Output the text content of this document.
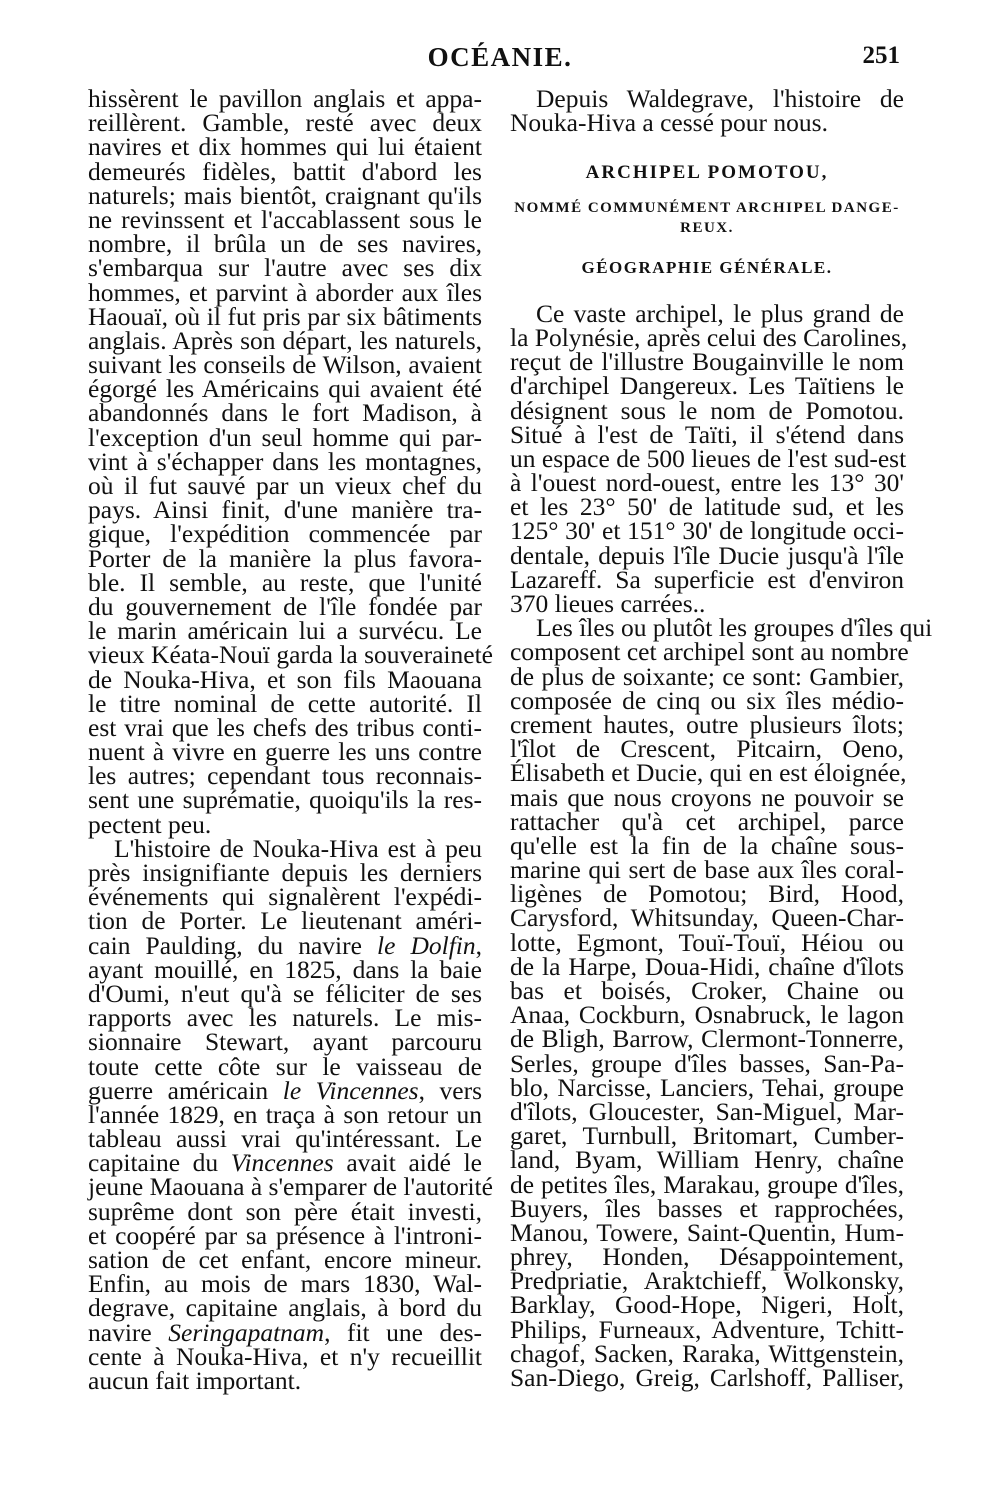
OCÉANIE.	251
hissèrent le pavillon anglais et appa-
reillèrent. Gamble, resté avec deux
navires et dix hommes qui lui étaient
demeurés fidèles, battit d'abord les
naturels; mais bientôt, craignant qu'ils
ne revinssent et l'accablassent sous le
nombre, il brûla un de ses navires,
s'embarqua sur l'autre avec ses dix
hommes, et parvint à aborder aux îles
Haouaï, où il fut pris par six bâtiments
anglais. Après son départ, les naturels,
suivant les conseils de Wilson, avaient
égorgé les Américains qui avaient été
abandonnés dans le fort Madison, à
l'exception d'un seul homme qui par-
vint à s'échapper dans les montagnes,
où il fut sauvé par un vieux chef du
pays. Ainsi finit, d'une manière tra-
gique, l'expédition commencée par
Porter de la manière la plus favora-
ble. Il semble, au reste, que l'unité
du gouvernement de l'île fondée par
le marin américain lui a survécu. Le
vieux Kéata-Nouï garda la souveraineté
de Nouka-Hiva, et son fils Maouana
le titre nominal de cette autorité. Il
est vrai que les chefs des tribus conti-
nuent à vivre en guerre les uns contre
les autres; cependant tous reconnais-
sent une suprématie, quoiqu'ils la res-
pectent peu.
L'histoire de Nouka-Hiva est à peu
près insignifiante depuis les derniers
événements qui signalèrent l'expédi-
tion de Porter. Le lieutenant améri-
cain Paulding, du navire le Dolfin,
ayant mouillé, en 1825, dans la baie
d'Oumi, n'eut qu'à se féliciter de ses
rapports avec les naturels. Le mis-
sionnaire Stewart, ayant parcouru
toute cette côte sur le vaisseau de
guerre américain le Vincennes, vers
l'année 1829, en traça à son retour un
tableau aussi vrai qu'intéressant. Le
capitaine du Vincennes avait aidé le
jeune Maouana à s'emparer de l'autorité
suprême dont son père était investi,
et coopéré par sa présence à l'introni-
sation de cet enfant, encore mineur.
Enfin, au mois de mars 1830, Wal-
degrave, capitaine anglais, à bord du
navire Seringapatnam, fit une des-
cente à Nouka-Hiva, et n'y recueillit
aucun fait important.
Depuis Waldegrave, l'histoire de
Nouka-Hiva a cessé pour nous.
ARCHIPEL POMOTOU,
NOMMÉ COMMUNÉMENT ARCHIPEL DANGE-
REUX.
GÉOGRAPHIE GÉNÉRALE.
Ce vaste archipel, le plus grand de
la Polynésie, après celui des Carolines,
reçut de l'illustre Bougainville le nom
d'archipel Dangereux. Les Taïtiens le
désignent sous le nom de Pomotou.
Situé à l'est de Taïti, il s'étend dans
un espace de 500 lieues de l'est sud-est
à l'ouest nord-ouest, entre les 13° 30'
et les 23° 50' de latitude sud, et les
125° 30' et 151° 30' de longitude occi-
dentale, depuis l'île Ducie jusqu'à l'île
Lazareff. Sa superficie est d'environ
370 lieues carrées..
Les îles ou plutôt les groupes d'îles qui
composent cet archipel sont au nombre
de plus de soixante; ce sont: Gambier,
composée de cinq ou six îles médio-
crement hautes, outre plusieurs îlots;
l'îlot de Crescent, Pitcairn, Oeno,
Élisabeth et Ducie, qui en est éloignée,
mais que nous croyons ne pouvoir se
rattacher qu'à cet archipel, parce
qu'elle est la fin de la chaîne sous-
marine qui sert de base aux îles coral-
ligènes de Pomotou; Bird, Hood,
Carysford, Whitsunday, Queen-Char-
lotte, Egmont, Touï-Touï, Héiou ou
de la Harpe, Doua-Hidi, chaîne d'îlots
bas et boisés, Croker, Chaine ou
Anaa, Cockburn, Osnabruck, le lagon
de Bligh, Barrow, Clermont-Tonnerre,
Serles, groupe d'îles basses, San-Pa-
blo, Narcisse, Lanciers, Tehai, groupe
d'îlots, Gloucester, San-Miguel, Mar-
garet, Turnbull, Britomart, Cumber-
land, Byam, William Henry, chaîne
de petites îles, Marakau, groupe d'îles,
Buyers, îles basses et rapprochées,
Manou, Towere, Saint-Quentin, Hum-
phrey, Honden, Désappointement,
Predpriatie, Araktchieff, Wolkonsky,
Barklay, Good-Hope, Nigeri, Holt,
Philips, Furneaux, Adventure, Tchitt-
chagof, Sacken, Raraka, Wittgenstein,
San-Diego, Greig, Carlshoff, Palliser,
